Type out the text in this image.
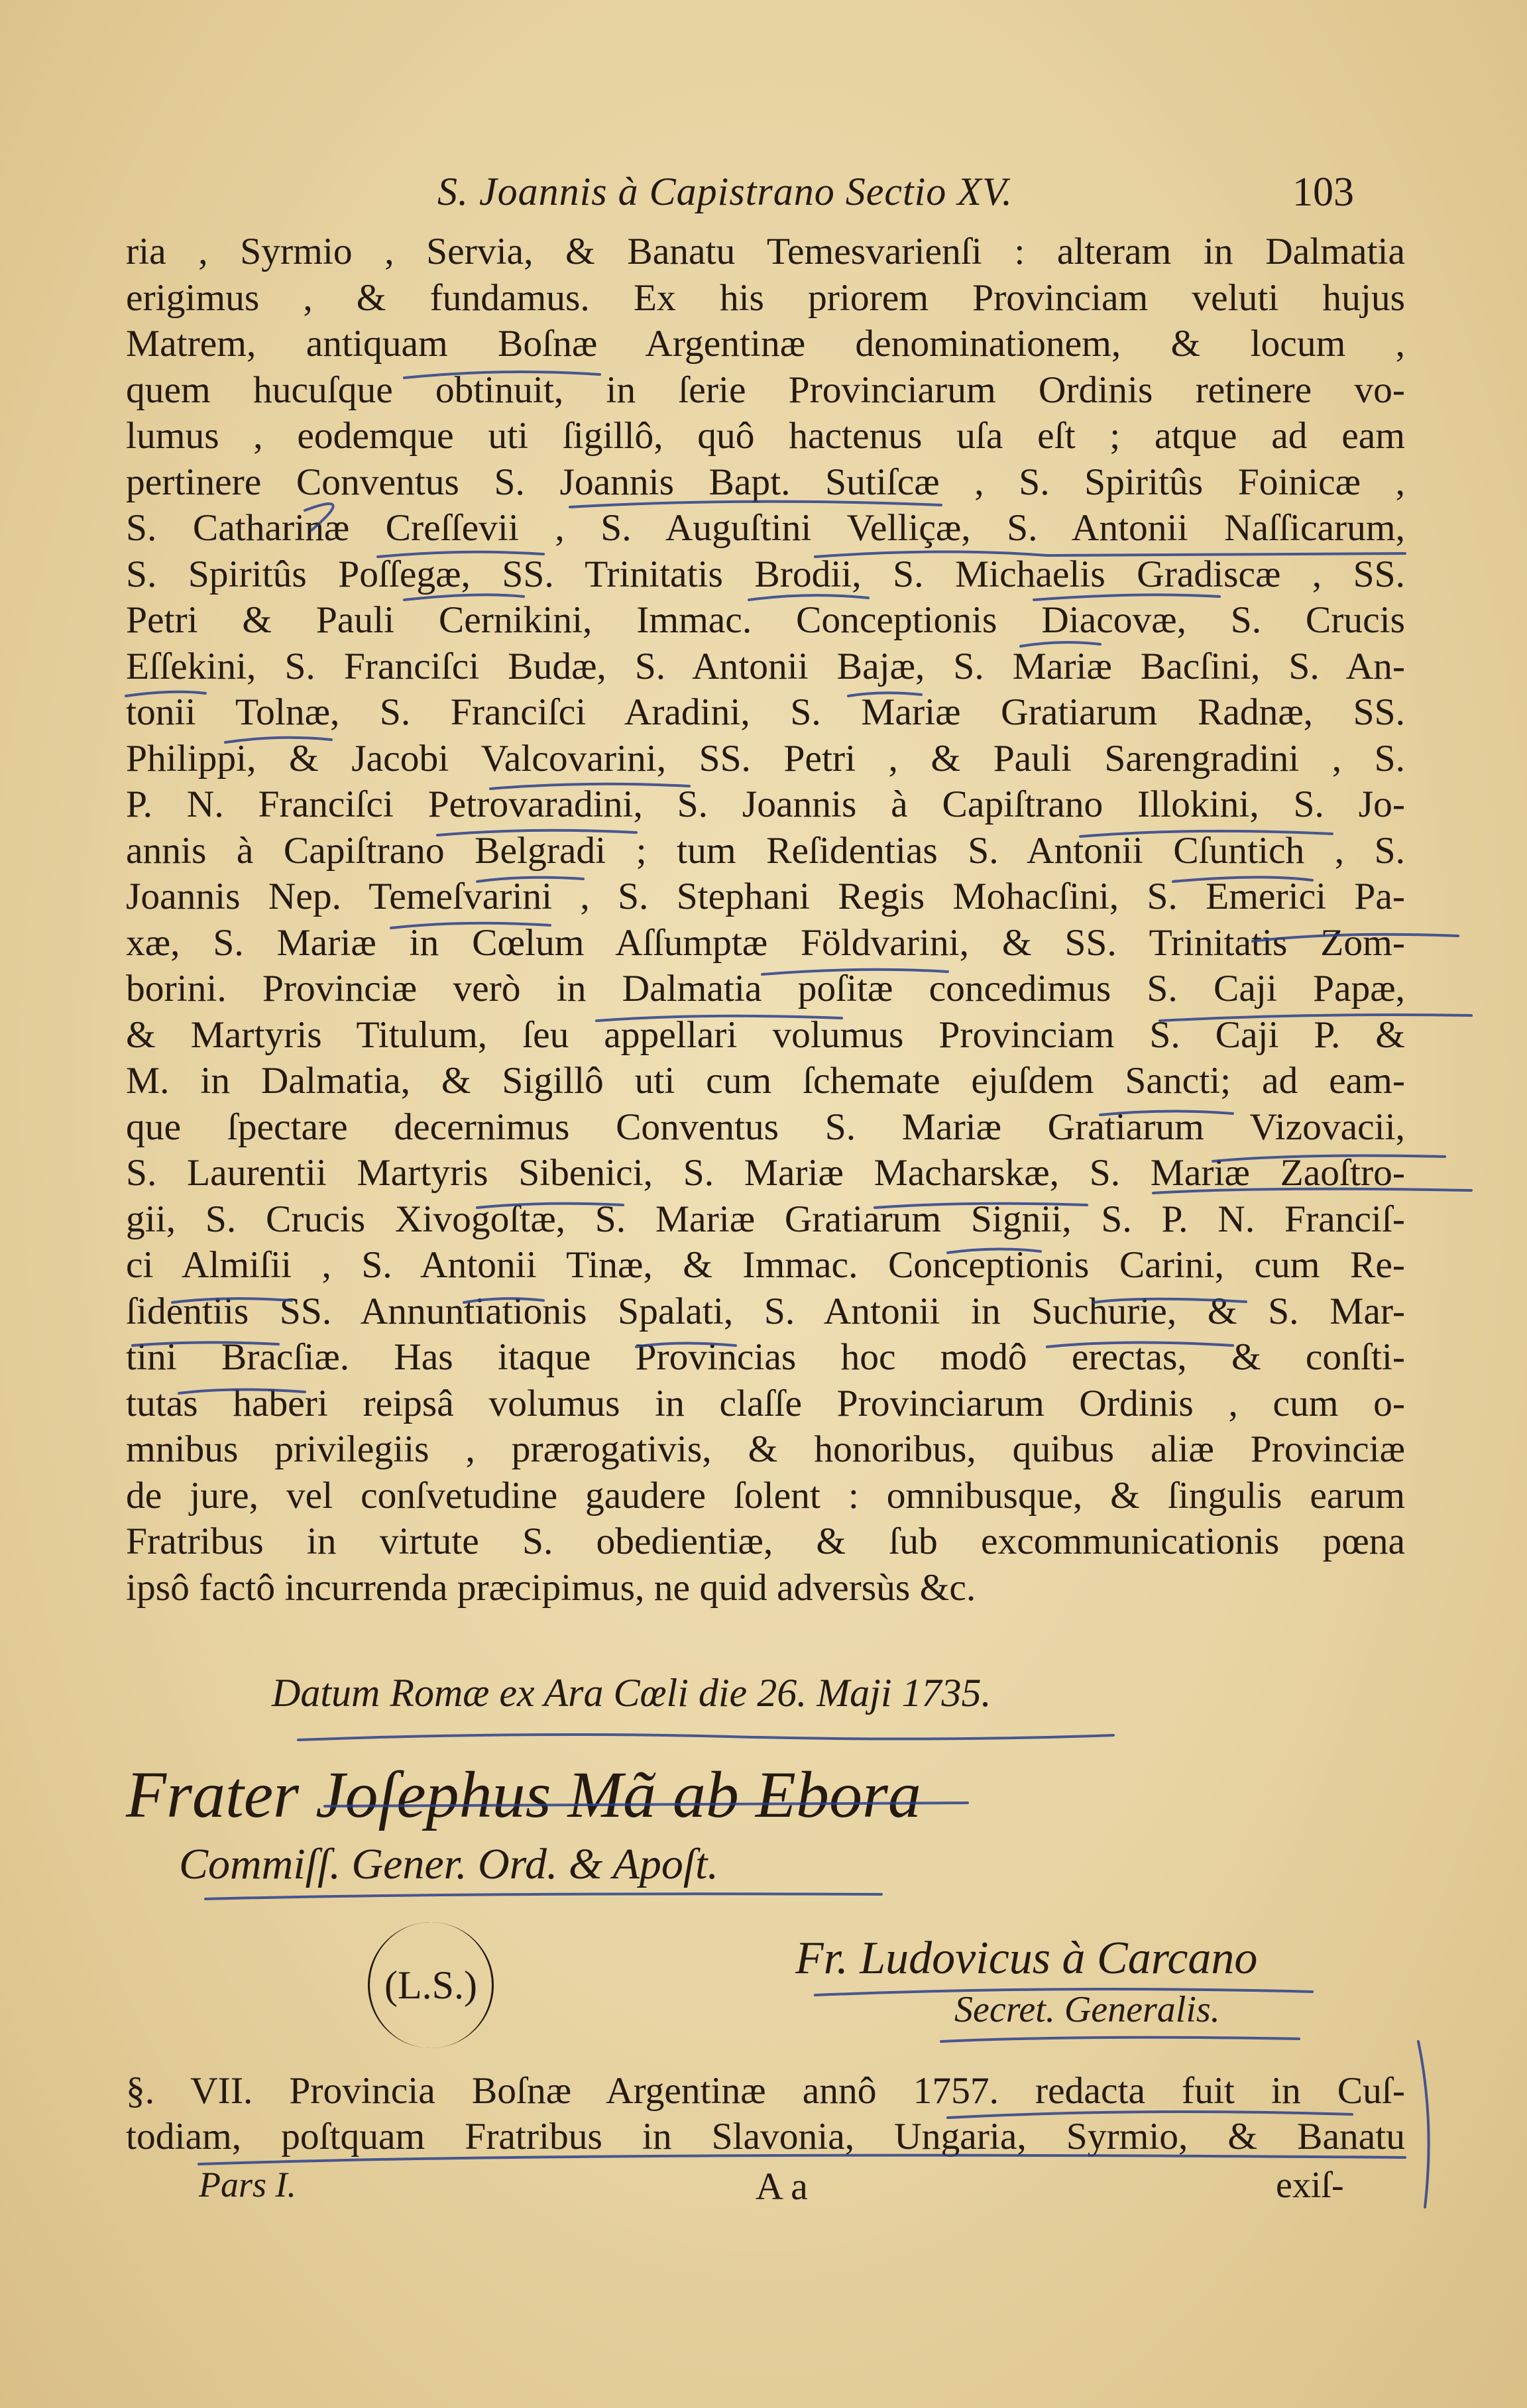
S. Joannis à Capistrano Sectio XV.	103
ria , Syrmio , Servia, & Banatu Temesvarienſi : alteram in Dalmatia
erigimus , & fundamus. Ex his priorem Provinciam veluti hujus
Matrem, antiquam Boſnæ Argentinæ denominationem, & locum ,
quem hucuſque obtinuit, in ſerie Provinciarum Ordinis retinere vo-
lumus , eodemque uti ſigillô, quô hactenus uſa eſt ; atque ad eam
pertinere Conventus S. Joannis Bapt. Sutiſcæ , S. Spiritûs Foinicæ ,
S. Catharinæ Creſſevii , S. Auguſtini Velliçæ, S. Antonii Naſſicarum,
S. Spiritûs Poſſegæ, SS. Trinitatis Brodii, S. Michaelis Gradiscæ , SS.
Petri & Pauli Cernikini, Immac. Conceptionis Diacovæ, S. Crucis
Eſſekini, S. Franciſci Budæ, S. Antonii Bajæ, S. Mariæ Bacſini, S. An-
tonii Tolnæ, S. Franciſci Aradini, S. Mariæ Gratiarum Radnæ, SS.
Philippi, & Jacobi Valcovarini, SS. Petri , & Pauli Sarengradini , S.
P. N. Franciſci Petrovaradini, S. Joannis à Capiſtrano Illokini, S. Jo-
annis à Capiſtrano Belgradi ; tum Reſidentias S. Antonii Cſuntich , S.
Joannis Nep. Temeſvarini , S. Stephani Regis Mohacſini, S. Emerici Pa-
xæ, S. Mariæ in Cœlum Aſſumptæ Földvarini, & SS. Trinitatis Zom-
borini. Provinciæ verò in Dalmatia poſitæ concedimus S. Caji Papæ,
& Martyris Titulum, ſeu appellari volumus Provinciam S. Caji P. &
M. in Dalmatia, & Sigillô uti cum ſchemate ejuſdem Sancti; ad eam-
que ſpectare decernimus Conventus S. Mariæ Gratiarum Vizovacii,
S. Laurentii Martyris Sibenici, S. Mariæ Macharskæ, S. Mariæ Zaoſtro-
gii, S. Crucis Xivogoſtæ, S. Mariæ Gratiarum Signii, S. P. N. Franciſ-
ci Almiſii , S. Antonii Tinæ, & Immac. Conceptionis Carini, cum Re-
ſidentiis SS. Annuntiationis Spalati, S. Antonii in Suchurie, & S. Mar-
tini Bracſiæ. Has itaque Provincias hoc modô erectas, & conſti-
tutas haberi reipsâ volumus in claſſe Provinciarum Ordinis , cum o-
mnibus privilegiis , prærogativis, & honoribus, quibus aliæ Provinciæ
de jure, vel conſvetudine gaudere ſolent : omnibusque, & ſingulis earum
Fratribus in virtute S. obedientiæ, & ſub excommunicationis pœna
ipsô factô incurrenda præcipimus, ne quid adversùs &c.
Datum Romæ ex Ara Cœli die 26. Maji 1735.
Frater Joſephus Mã ab Ebora
Commiſſ. Gener. Ord. & Apoſt.
(L.S.)
Fr. Ludovicus à Carcano
Secret. Generalis.
§. VII. Provincia Boſnæ Argentinæ annô 1757. redacta fuit in Cuſ-
todiam, poſtquam Fratribus in Slavonia, Ungaria, Syrmio, & Banatu
Pars I.	A a	exiſ-
